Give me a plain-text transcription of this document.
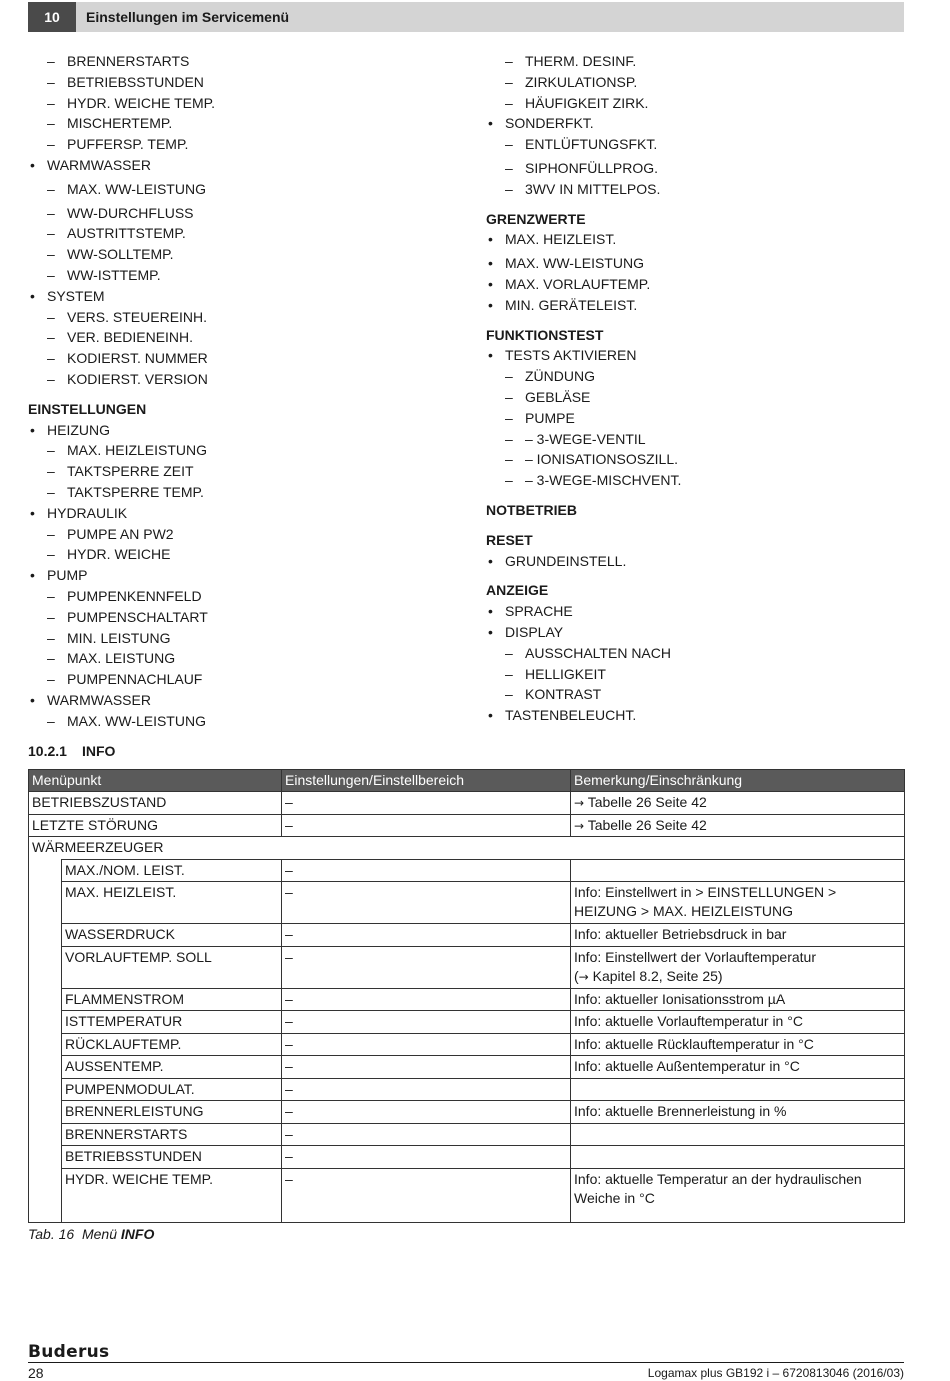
10	Einstellungen im Servicemenü
– BRENNERSTARTS
– BETRIEBSSTUNDEN
– HYDR. WEICHE TEMP.
– MISCHERTEMP.
– PUFFERSP. TEMP.
• WARMWASSER
– MAX. WW-LEISTUNG
– WW-DURCHFLUSS
– AUSTRITTSTEMP.
– WW-SOLLTEMP.
– WW-ISTTEMP.
• SYSTEM
– VERS. STEUEREINH.
– VER. BEDIENEINH.
– KODIERST. NUMMER
– KODIERST. VERSION
EINSTELLUNGEN
• HEIZUNG
– MAX. HEIZLEISTUNG
– TAKTSPERRE ZEIT
– TAKTSPERRE TEMP.
• HYDRAULIK
– PUMPE AN PW2
– HYDR. WEICHE
• PUMP
– PUMPENKENNFELD
– PUMPENSCHALTART
– MIN. LEISTUNG
– MAX. LEISTUNG
– PUMPENNACHLAUF
• WARMWASSER
– MAX. WW-LEISTUNG
– THERM. DESINF.
– ZIRKULATIONSP.
– HÄUFIGKEIT ZIRK.
• SONDERFKT.
– ENTLÜFTUNGSFKT.
– SIPHONFÜLLPROG.
– 3WV IN MITTELPOS.
GRENZWERTE
• MAX. HEIZLEIST.
• MAX. WW-LEISTUNG
• MAX. VORLAUFTEMP.
• MIN. GERÄTELEIST.
FUNKTIONSTEST
• TESTS AKTIVIEREN
– ZÜNDUNG
– GEBLÄSE
– PUMPE
– – 3-WEGE-VENTIL
– – IONISATIONSOSZILL.
– – 3-WEGE-MISCHVENT.
NOTBETRIEB
RESET
• GRUNDEINSTELL.
ANZEIGE
• SPRACHE
• DISPLAY
– AUSSCHALTEN NACH
– HELLIGKEIT
– KONTRAST
• TASTENBELEUCHT.
10.2.1 INFO
Menüpunkt		Einstellungen/Einstellbereich	Bemerkung/Einschränkung
BETRIEBSZUSTAND		–	→ Tabelle 26 Seite 42
LETZTE STÖRUNG		–	→ Tabelle 26 Seite 42
WÄRMEERZEUGER			
	MAX./NOM. LEIST.	–	
	MAX. HEIZLEIST.	–	Info: Einstellwert in > EINSTELLUNGEN > HEIZUNG > MAX. HEIZLEISTUNG
	WASSERDRUCK	–	Info: aktueller Betriebsdruck in bar
	VORLAUFTEMP. SOLL	–	Info: Einstellwert der Vorlauftemperatur
(→ Kapitel 8.2, Seite 25)
	FLAMMENSTROM	–	Info: aktueller Ionisationsstrom µA
	ISTTEMPERATUR	–	Info: aktuelle Vorlauftemperatur in °C
	RÜCKLAUFTEMP.	–	Info: aktuelle Rücklauftemperatur in °C
	AUSSENTEMP.	–	Info: aktuelle Außentemperatur in °C
	PUMPENMODULAT.	–	
	BRENNERLEISTUNG	–	Info: aktuelle Brennerleistung in %
	BRENNERSTARTS	–	
	BETRIEBSSTUNDEN	–	
	HYDR. WEICHE TEMP.	–	Info: aktuelle Temperatur an der hydraulischen Weiche in °C
Tab. 16 Menü INFO
Buderus
28	Logamax plus GB192 i – 6720813046 (2016/03)
